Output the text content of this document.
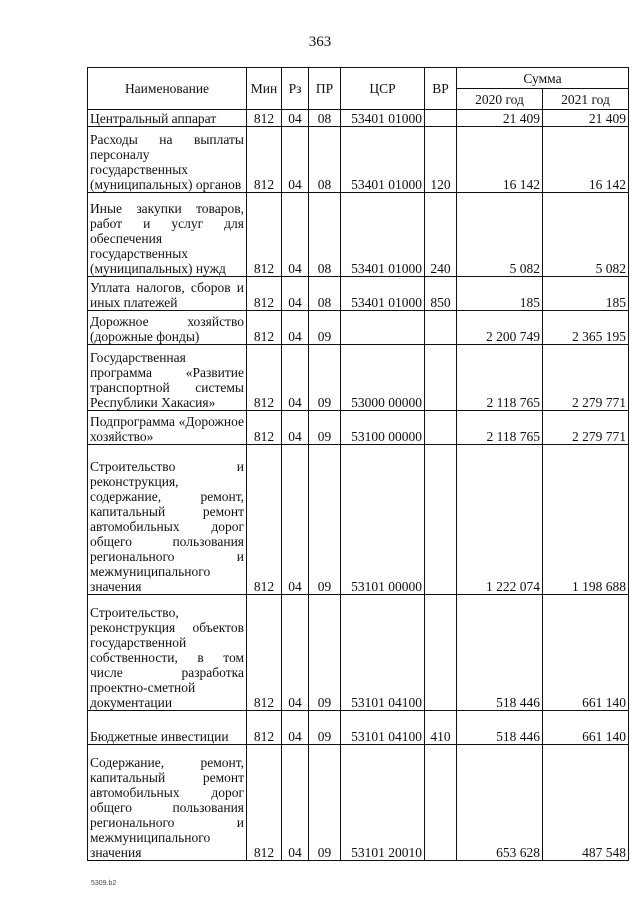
363
Наименование	Мин	Рз	ПР	ЦСР	ВР	Сумма	
						2020 год	2021 год
Центральный аппарат	812	04	08	53401 01000		21 409	21 409
Расходы на выплаты персоналу государственных (муниципальных) органов	812	04	08	53401 01000	120	16 142	16 142
Иные закупки товаров, работ и услуг для обеспечения государственных (муниципальных) нужд	812	04	08	53401 01000	240	5 082	5 082
Уплата налогов, сборов и иных платежей	812	04	08	53401 01000	850	185	185
Дорожное хозяйство (дорожные фонды)	812	04	09			2 200 749	2 365 195
Государственная программа «Развитие транспортной системы Республики Хакасия»	812	04	09	53000 00000		2 118 765	2 279 771
Подпрограмма «Дорожное хозяйство»	812	04	09	53100 00000		2 118 765	2 279 771
Строительство и реконструкция, содержание, ремонт, капитальный ремонт автомобильных дорог общего пользования регионального и межмуниципального значения	812	04	09	53101 00000		1 222 074	1 198 688
Строительство, реконструкция объектов государственной собственности, в том числе разработка проектно-сметной документации	812	04	09	53101 04100		518 446	661 140
Бюджетные инвестиции	812	04	09	53101 04100	410	518 446	661 140
Содержание, ремонт, капитальный ремонт автомобильных дорог общего пользования регионального и межмуниципального значения	812	04	09	53101 20010		653 628	487 548
5309.b2
